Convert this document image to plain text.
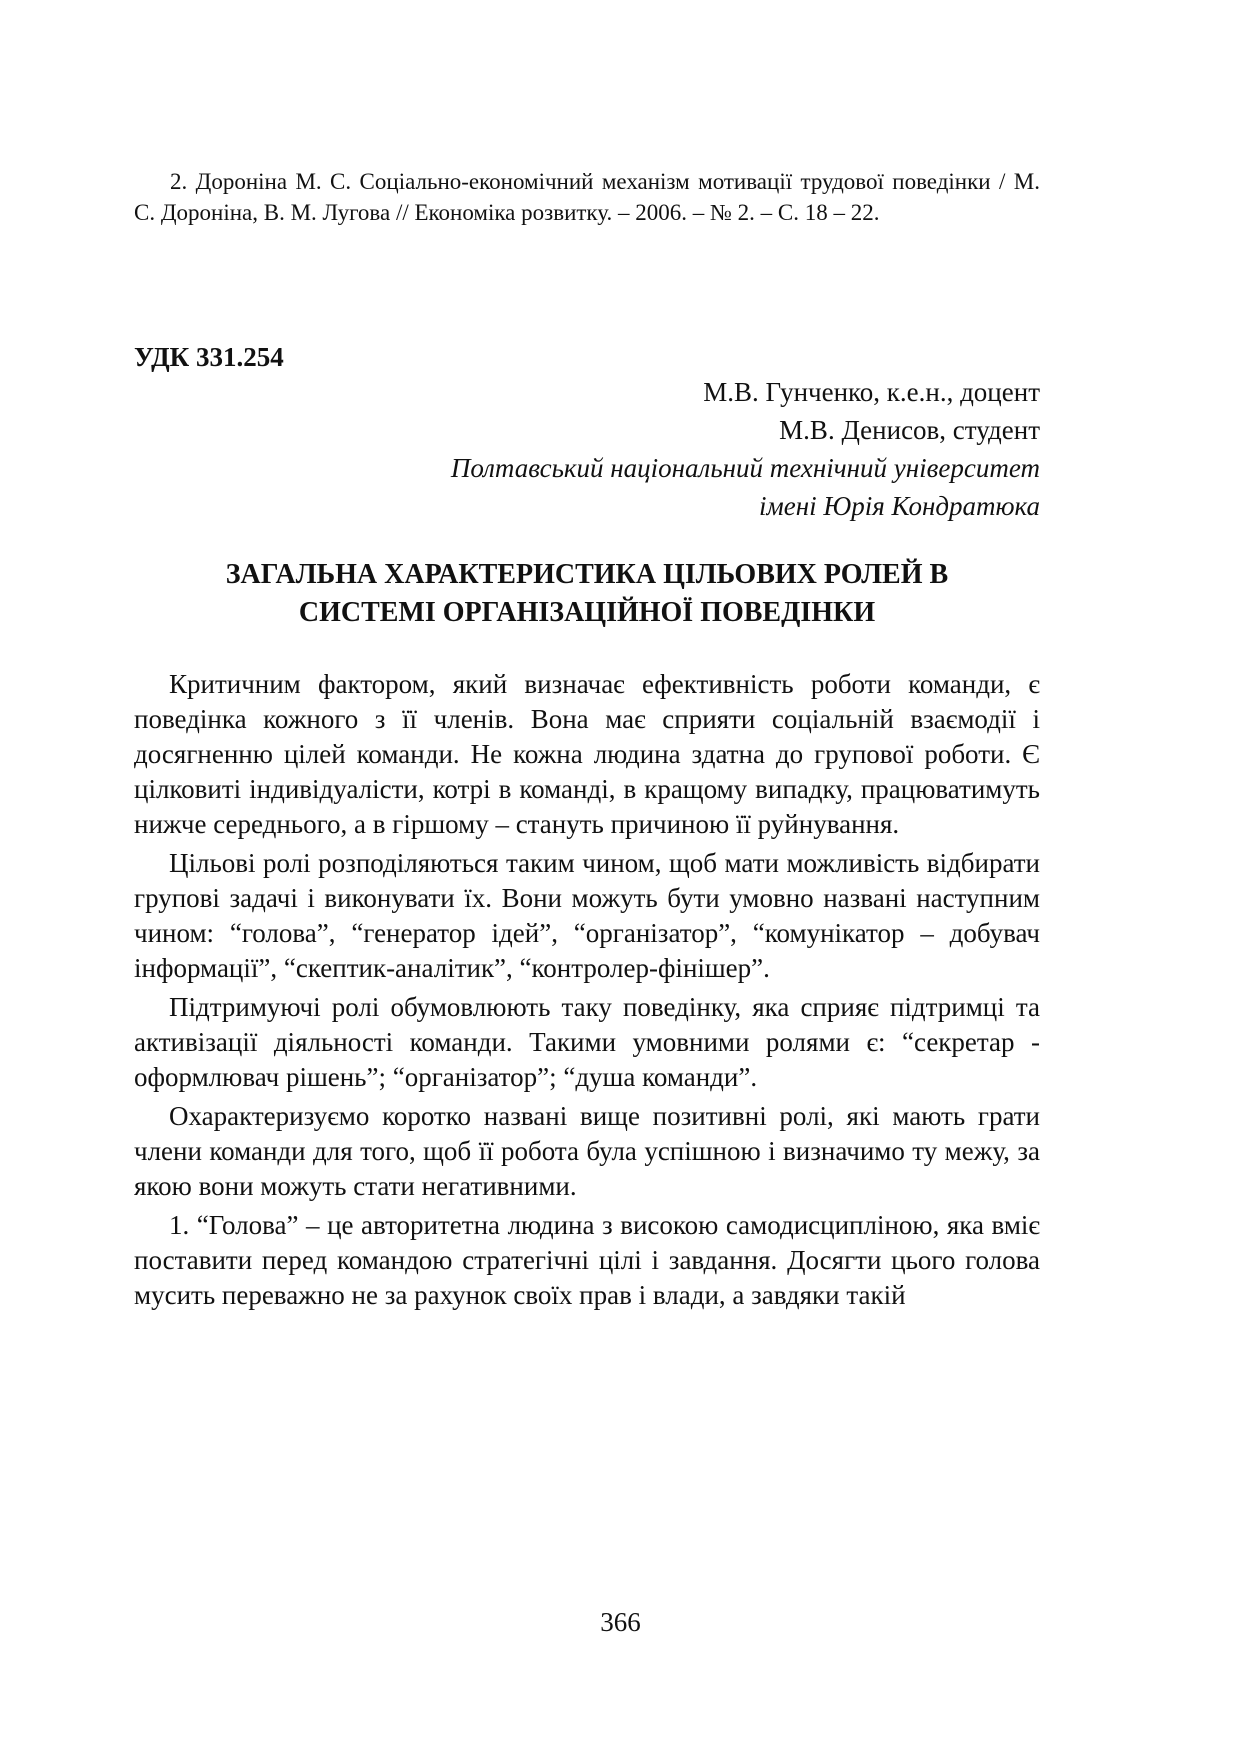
2. Дороніна М. С. Соціально-економічний механізм мотивації трудової поведінки / М. С. Дороніна, В. М. Лугова // Економіка розвитку. – 2006. – № 2. – С. 18 – 22.

УДК 331.254

М.В. Гунченко, к.е.н., доцент
М.В. Денисов, студент
Полтавський національний технічний університет
імені Юрія Кондратюка
ЗАГАЛЬНА ХАРАКТЕРИСТИКА ЦІЛЬОВИХ РОЛЕЙ В
СИСТЕМІ ОРГАНІЗАЦІЙНОЇ ПОВЕДІНКИ

Критичним фактором, який визначає ефективність роботи команди, є поведінка кожного з її членів. Вона має сприяти соціальній взаємодії і досягненню цілей команди. Не кожна людина здатна до групової роботи. Є цілковиті індивідуалісти, котрі в команді, в кращому випадку, працюватимуть нижче середнього, а в гіршому – стануть причиною її руйнування.

Цільові ролі розподіляються таким чином, щоб мати можливість відбирати групові задачі і виконувати їх. Вони можуть бути умовно названі наступним чином: “голова”, “генератор ідей”, “організатор”, “комунікатор – добувач інформації”, “скептик-аналітик”, “контролер-фінішер”.

Підтримуючі ролі обумовлюють таку поведінку, яка сприяє підтримці та активізації діяльності команди. Такими умовними ролями є: “секретар - оформлювач рішень”; “організатор”; “душа команди”.

Охарактеризуємо коротко названі вище позитивні ролі, які мають грати члени команди для того, щоб її робота була успішною і визначимо ту межу, за якою вони можуть стати негативними.

1. “Голова” – це авторитетна людина з високою самодисципліною, яка вміє поставити перед командою стратегічні цілі і завдання. Досягти цього голова мусить переважно не за рахунок своїх прав і влади, а завдяки такій

366
